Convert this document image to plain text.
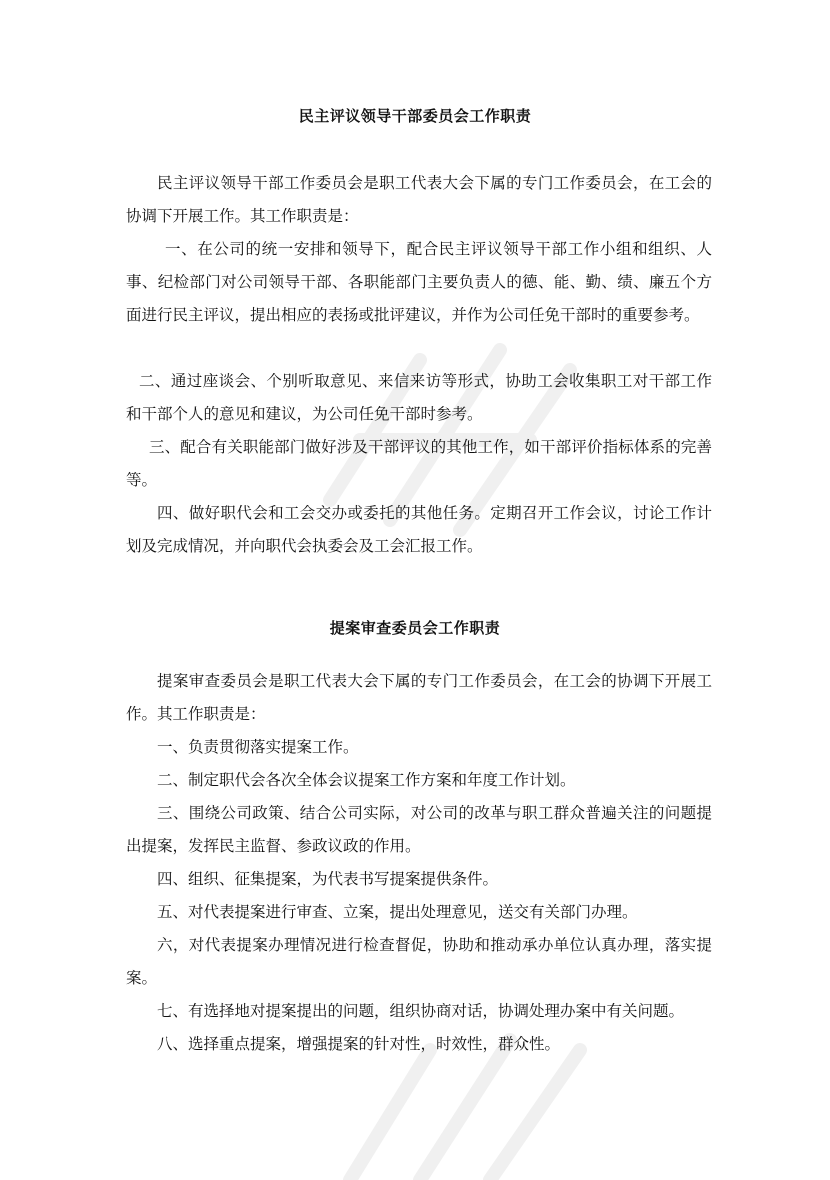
民主评议领导干部委员会工作职责

民主评议领导干部工作委员会是职工代表大会下属的专门工作委员会，在工会的协调下开展工作。其工作职责是：

一、在公司的统一安排和领导下，配合民主评议领导干部工作小组和组织、人事、纪检部门对公司领导干部、各职能部门主要负责人的德、能、勤、绩、廉五个方面进行民主评议，提出相应的表扬或批评建议，并作为公司任免干部时的重要参考。

二、通过座谈会、个别听取意见、来信来访等形式，协助工会收集职工对干部工作和干部个人的意见和建议，为公司任免干部时参考。

三、配合有关职能部门做好涉及干部评议的其他工作，如干部评价指标体系的完善等。

四、做好职代会和工会交办或委托的其他任务。定期召开工作会议，讨论工作计划及完成情况，并向职代会执委会及工会汇报工作。

提案审查委员会工作职责

提案审查委员会是职工代表大会下属的专门工作委员会，在工会的协调下开展工作。其工作职责是：

一、负责贯彻落实提案工作。

二、制定职代会各次全体会议提案工作方案和年度工作计划。

三、围绕公司政策、结合公司实际，对公司的改革与职工群众普遍关注的问题提出提案，发挥民主监督、参政议政的作用。

四、组织、征集提案，为代表书写提案提供条件。

五、对代表提案进行审查、立案，提出处理意见，送交有关部门办理。

六，对代表提案办理情况进行检查督促，协助和推动承办单位认真办理，落实提案。

七、有选择地对提案提出的问题，组织协商对话，协调处理办案中有关问题。

八、选择重点提案，增强提案的针对性，时效性，群众性。
